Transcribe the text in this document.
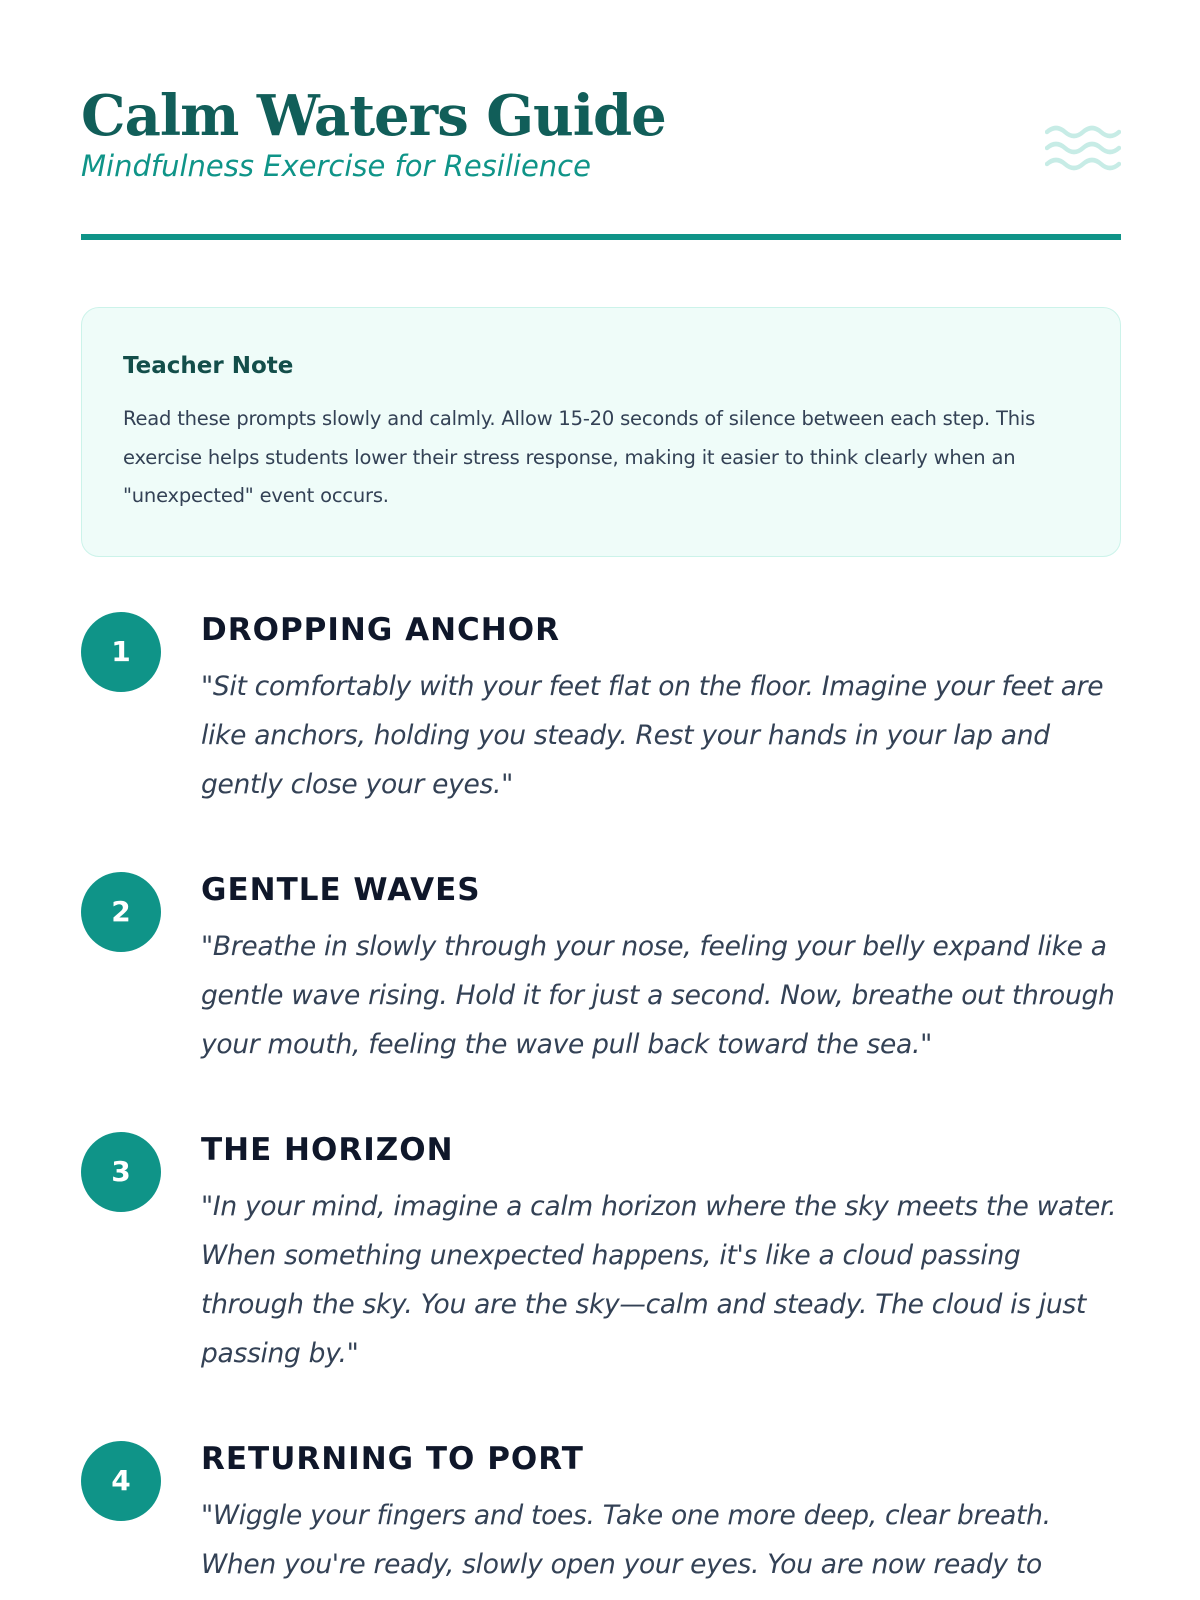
Calm Waters Guide
Mindfulness Exercise for Resilience
Teacher Note
Read these prompts slowly and calmly. Allow 15-20 seconds of silence between each step. This exercise helps students lower their stress response, making it easier to think clearly when an "unexpected" event occurs.
1
DROPPING ANCHOR
"Sit comfortably with your feet flat on the floor. Imagine your feet are like anchors, holding you steady. Rest your hands in your lap and gently close your eyes."
2
GENTLE WAVES
"Breathe in slowly through your nose, feeling your belly expand like a gentle wave rising. Hold it for just a second. Now, breathe out through your mouth, feeling the wave pull back toward the sea."
3
THE HORIZON
"In your mind, imagine a calm horizon where the sky meets the water. When something unexpected happens, it's like a cloud passing through the sky. You are the sky—calm and steady. The cloud is just passing by."
4
RETURNING TO PORT
"Wiggle your fingers and toes. Take one more deep, clear breath. When you're ready, slowly open your eyes. You are now ready to
